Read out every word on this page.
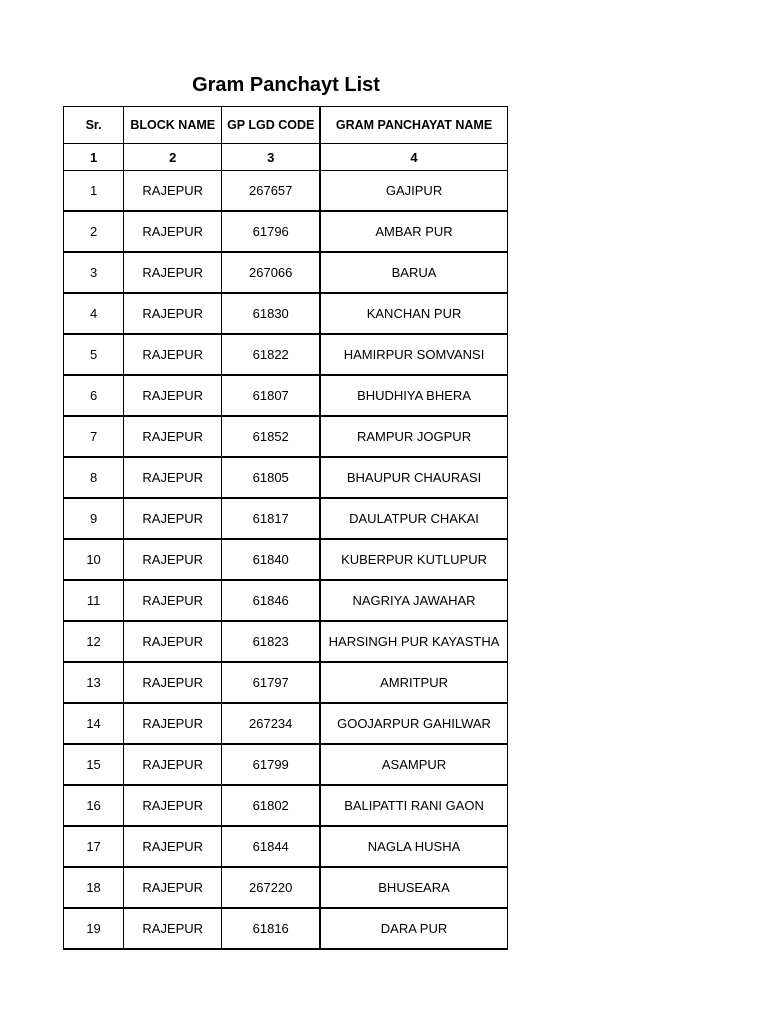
Gram Panchayt List
Sr.	BLOCK NAME	GP LGD CODE	GRAM PANCHAYAT NAME
1	2	3	4
1	RAJEPUR	267657	GAJIPUR
2	RAJEPUR	61796	AMBAR PUR
3	RAJEPUR	267066	BARUA
4	RAJEPUR	61830	KANCHAN PUR
5	RAJEPUR	61822	HAMIRPUR SOMVANSI
6	RAJEPUR	61807	BHUDHIYA BHERA
7	RAJEPUR	61852	RAMPUR JOGPUR
8	RAJEPUR	61805	BHAUPUR CHAURASI
9	RAJEPUR	61817	DAULATPUR CHAKAI
10	RAJEPUR	61840	KUBERPUR KUTLUPUR
11	RAJEPUR	61846	NAGRIYA JAWAHAR
12	RAJEPUR	61823	HARSINGH PUR KAYASTHA
13	RAJEPUR	61797	AMRITPUR
14	RAJEPUR	267234	GOOJARPUR GAHILWAR
15	RAJEPUR	61799	ASAMPUR
16	RAJEPUR	61802	BALIPATTI RANI GAON
17	RAJEPUR	61844	NAGLA HUSHA
18	RAJEPUR	267220	BHUSEARA
19	RAJEPUR	61816	DARA PUR
